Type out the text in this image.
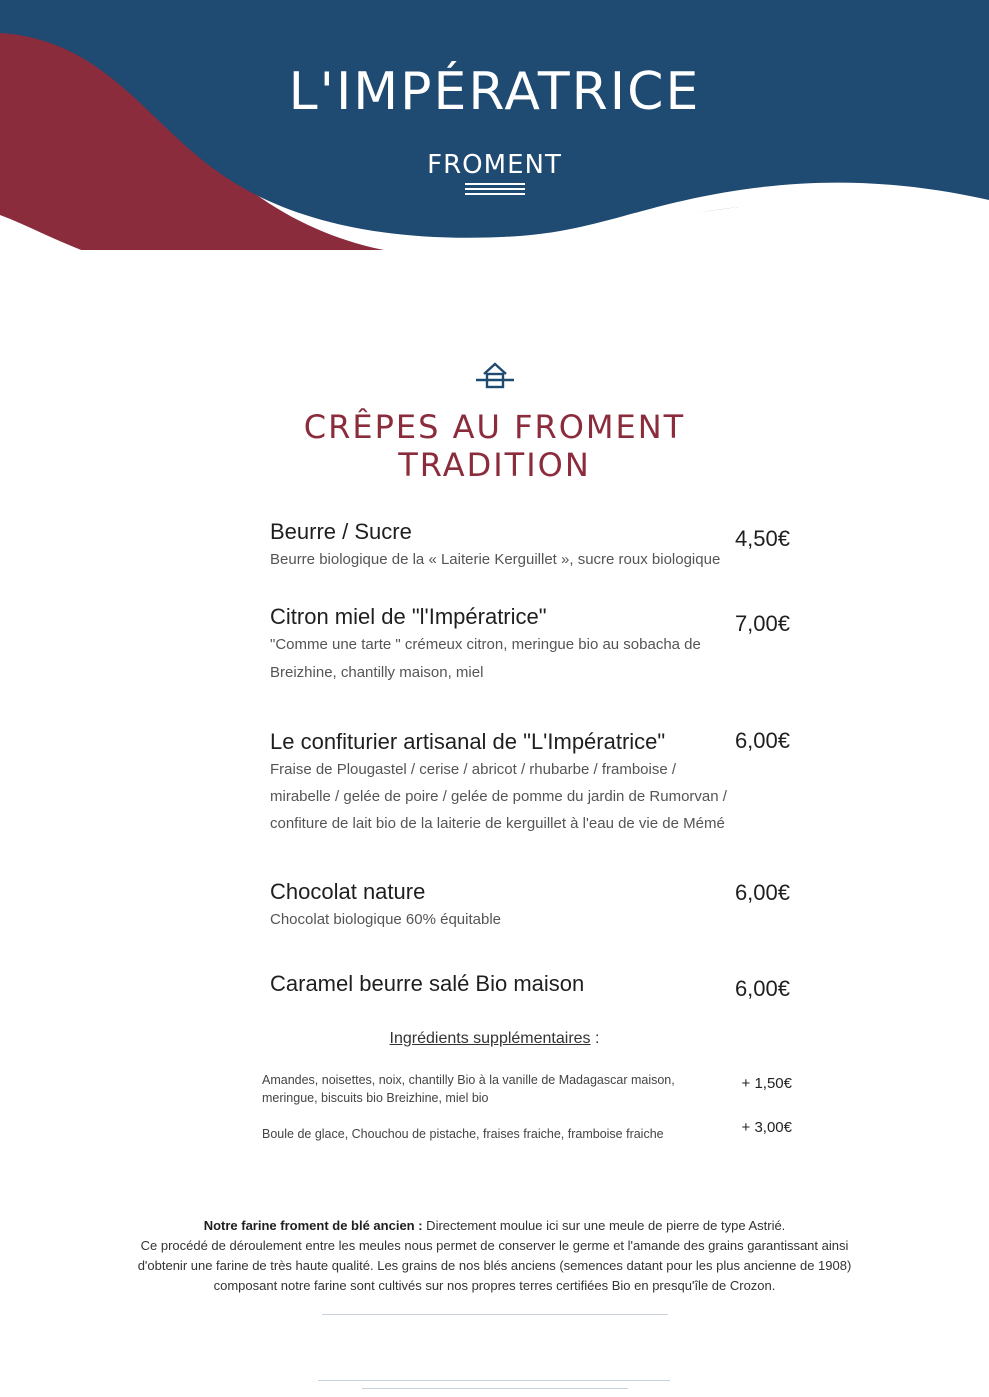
L'IMPÉRATRICE
FROMENT
CRÊPES AU FROMENT
TRADITION
Beurre / Sucre
Beurre biologique de la « Laiterie Kerguillet », sucre roux biologique
4,50€
Citron miel de "l'Impératrice"
"Comme une tarte " crémeux citron, meringue bio au sobacha de
Breizhine, chantilly maison, miel
7,00€
Le confiturier artisanal de "L'Impératrice"
Fraise de Plougastel / cerise / abricot / rhubarbe / framboise /
mirabelle / gelée de poire / gelée de pomme du jardin de Rumorvan /
confiture de lait bio de la laiterie de kerguillet à l'eau de vie de Mémé
6,00€
Chocolat nature
Chocolat biologique 60% équitable
6,00€
Caramel beurre salé Bio maison	6,00€
Ingrédients supplémentaires :
Amandes, noisettes, noix, chantilly Bio à la vanille de Madagascar maison, meringue, biscuits bio Breizhine, miel bio
+ 1,50€
Boule de glace, Chouchou de pistache, fraises fraiche, framboise fraiche	+ 3,00€
Notre farine froment de blé ancien : Directement moulue ici sur une meule de pierre de type Astrié.
Ce procédé de déroulement entre les meules nous permet de conserver le germe et l'amande des grains garantissant ainsi
d'obtenir une farine de très haute qualité. Les grains de nos blés anciens (semences datant pour les plus ancienne de 1908)
composant notre farine sont cultivés sur nos propres terres certifiées Bio en presqu'île de Crozon.
